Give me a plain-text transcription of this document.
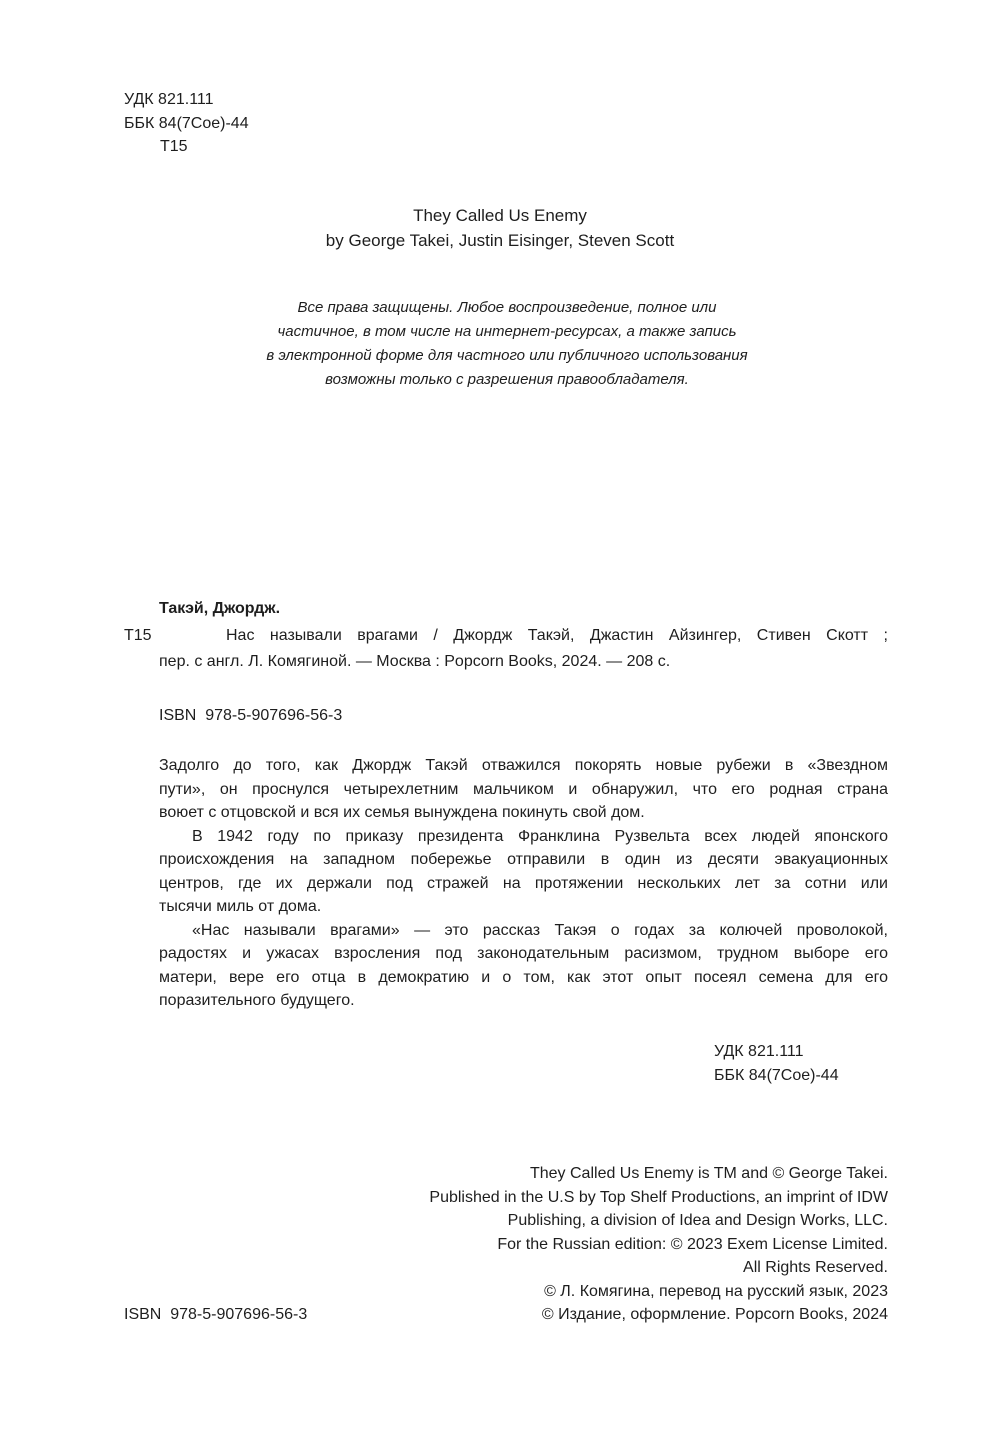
УДК 821.111
ББК 84(7Сое)-44
Т15
They Called Us Enemy
by George Takei, Justin Eisinger, Steven Scott
Все права защищены. Любое воспроизведение, полное или
частичное, в том числе на интернет-ресурсах, а также запись
в электронной форме для частного или публичного использования
возможны только с разрешения правообладателя.
Такэй, Джордж.
Т15	Нас называли врагами / Джордж Такэй, Джастин Айзингер, Стивен Скотт ;
пер. с англ. Л. Комягиной. — Москва : Popcorn Books, 2024. — 208 с.
ISBN  978-5-907696-56-3
Задолго до того, как Джордж Такэй отважился покорять новые рубежи в «Звездном
пути», он проснулся четырехлетним мальчиком и обнаружил, что его родная страна
воюет с отцовской и вся их семья вынуждена покинуть свой дом.
В 1942 году по приказу президента Франклина Рузвельта всех людей японского
происхождения на западном побережье отправили в один из десяти эвакуационных
центров, где их держали под стражей на протяжении нескольких лет за сотни или
тысячи миль от дома.
«Нас называли врагами» — это рассказ Такэя о годах за колючей проволокой,
радостях и ужасах взросления под законодательным расизмом, трудном выборе его
матери, вере его отца в демократию и о том, как этот опыт посеял семена для его
поразительного будущего.
УДК 821.111
ББК 84(7Сое)-44
They Called Us Enemy is TM and © George Takei.
Published in the U.S by Top Shelf Productions, an imprint of IDW
Publishing, a division of Idea and Design Works, LLC.
For the Russian edition: © 2023 Exem License Limited.
All Rights Reserved.
© Л. Комягина, перевод на русский язык, 2023
© Издание, оформление. Popcorn Books, 2024
ISBN  978-5-907696-56-3
